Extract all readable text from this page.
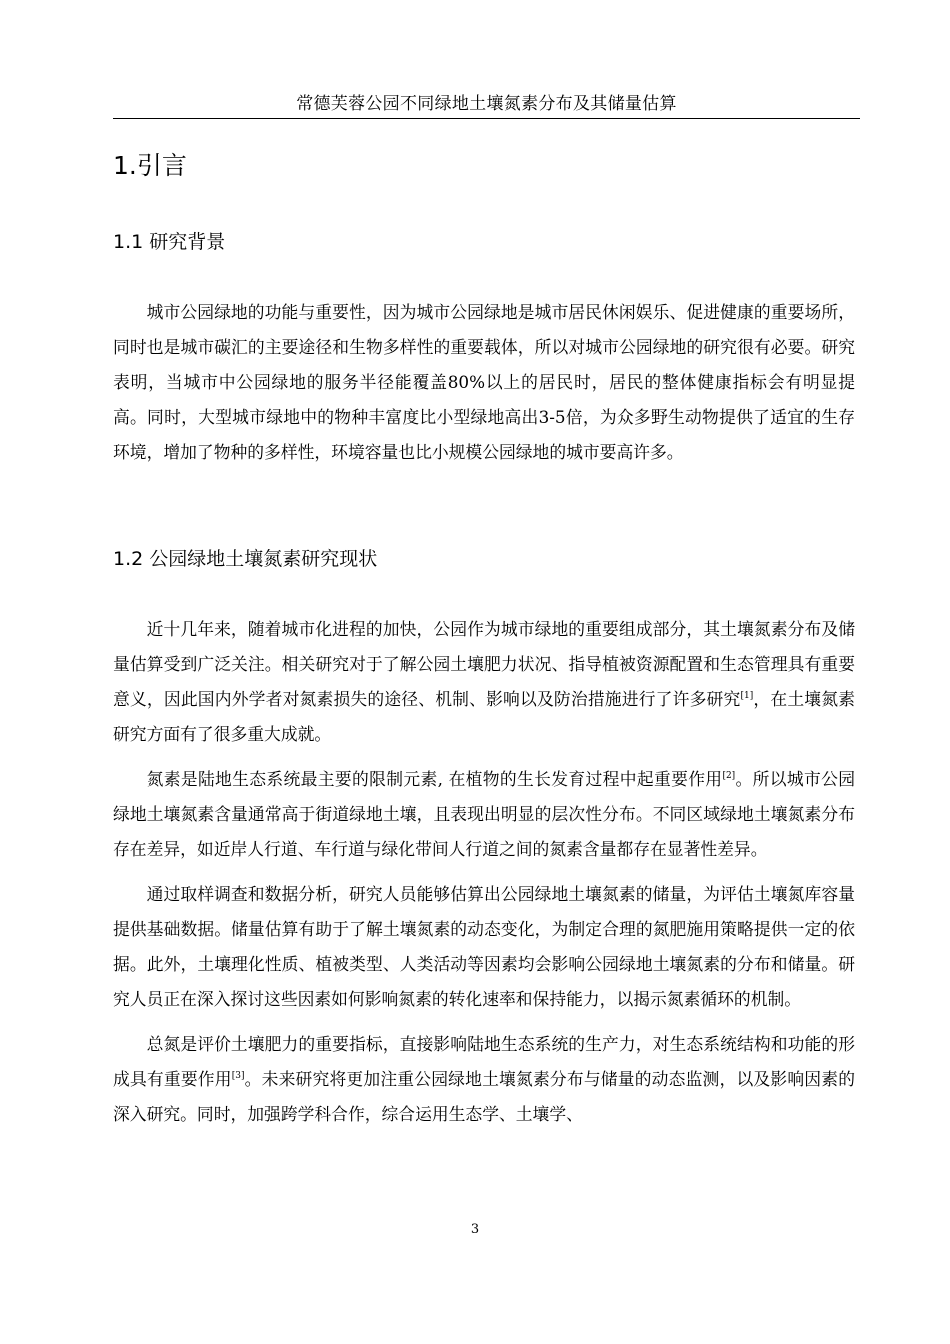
常德芙蓉公园不同绿地土壤氮素分布及其储量估算
1.引言
1.1 研究背景

城市公园绿地的功能与重要性，因为城市公园绿地是城市居民休闲娱乐、促进健康的重要场所，同时也是城市碳汇的主要途径和生物多样性的重要载体，所以对城市公园绿地的研究很有必要。研究表明，当城市中公园绿地的服务半径能覆盖80%以上的居民时，居民的整体健康指标会有明显提高。同时，大型城市绿地中的物种丰富度比小型绿地高出3-5倍，为众多野生动物提供了适宜的生存环境，增加了物种的多样性，环境容量也比小规模公园绿地的城市要高许多。

1.2 公园绿地土壤氮素研究现状

近十几年来，随着城市化进程的加快，公园作为城市绿地的重要组成部分，其土壤氮素分布及储量估算受到广泛关注。相关研究对于了解公园土壤肥力状况、指导植被资源配置和生态管理具有重要意义，因此国内外学者对氮素损失的途径、机制、影响以及防治措施进行了许多研究[1]，在土壤氮素研究方面有了很多重大成就。

氮素是陆地生态系统最主要的限制元素, 在植物的生长发育过程中起重要作用[2]。所以城市公园绿地土壤氮素含量通常高于街道绿地土壤，且表现出明显的层次性分布。不同区域绿地土壤氮素分布存在差异，如近岸人行道、车行道与绿化带间人行道之间的氮素含量都存在显著性差异。

通过取样调查和数据分析，研究人员能够估算出公园绿地土壤氮素的储量，为评估土壤氮库容量提供基础数据。储量估算有助于了解土壤氮素的动态变化，为制定合理的氮肥施用策略提供一定的依据。此外，土壤理化性质、植被类型、人类活动等因素均会影响公园绿地土壤氮素的分布和储量。研究人员正在深入探讨这些因素如何影响氮素的转化速率和保持能力，以揭示氮素循环的机制。

总氮是评价土壤肥力的重要指标，直接影响陆地生态系统的生产力，对生态系统结构和功能的形成具有重要作用[3]。未来研究将更加注重公园绿地土壤氮素分布与储量的动态监测，以及影响因素的深入研究。同时，加强跨学科合作，综合运用生态学、土壤学、

3
